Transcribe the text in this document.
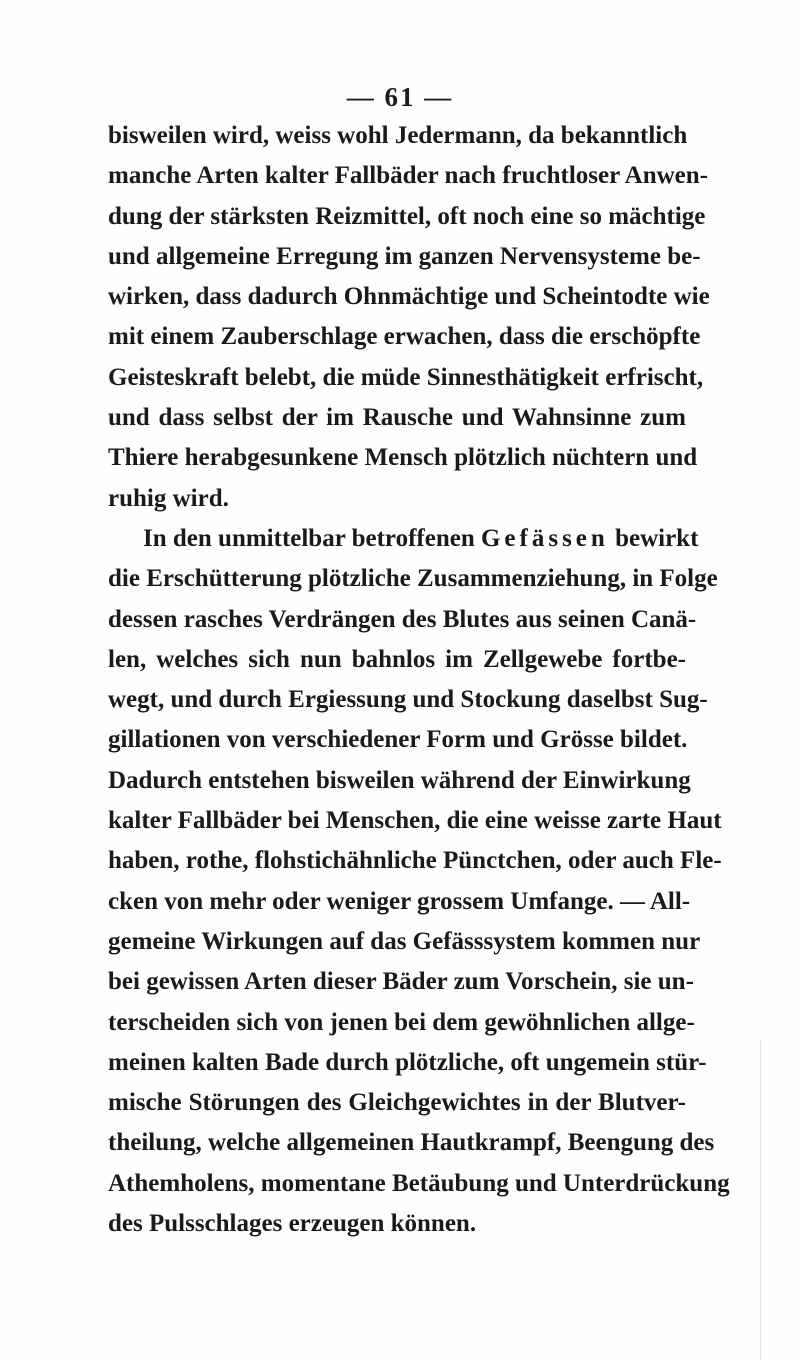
— 61 —
bisweilen wird, weiss wohl Jedermann, da bekanntlich
manche Arten kalter Fallbäder nach fruchtloser Anwen-
dung der stärksten Reizmittel, oft noch eine so mächtige
und allgemeine Erregung im ganzen Nervensysteme be-
wirken, dass dadurch Ohnmächtige und Scheintodte wie
mit einem Zauberschlage erwachen, dass die erschöpfte
Geisteskraft belebt, die müde Sinnesthätigkeit erfrischt,
und dass selbst der im Rausche und Wahnsinne zum
Thiere herabgesunkene Mensch plötzlich nüchtern und
ruhig wird.
In den unmittelbar betroffenen Gefässen bewirkt
die Erschütterung plötzliche Zusammenziehung, in Folge
dessen rasches Verdrängen des Blutes aus seinen Canä-
len, welches sich nun bahnlos im Zellgewebe fortbe-
wegt, und durch Ergiessung und Stockung daselbst Sug-
gillationen von verschiedener Form und Grösse bildet.
Dadurch entstehen bisweilen während der Einwirkung
kalter Fallbäder bei Menschen, die eine weisse zarte Haut
haben, rothe, flohstichähnliche Pünctchen, oder auch Fle-
cken von mehr oder weniger grossem Umfange. — All-
gemeine Wirkungen auf das Gefässsystem kommen nur
bei gewissen Arten dieser Bäder zum Vorschein, sie un-
terscheiden sich von jenen bei dem gewöhnlichen allge-
meinen kalten Bade durch plötzliche, oft ungemein stür-
mische Störungen des Gleichgewichtes in der Blutver-
theilung, welche allgemeinen Hautkrampf, Beengung des
Athemholens, momentane Betäubung und Unterdrückung
des Pulsschlages erzeugen können.
